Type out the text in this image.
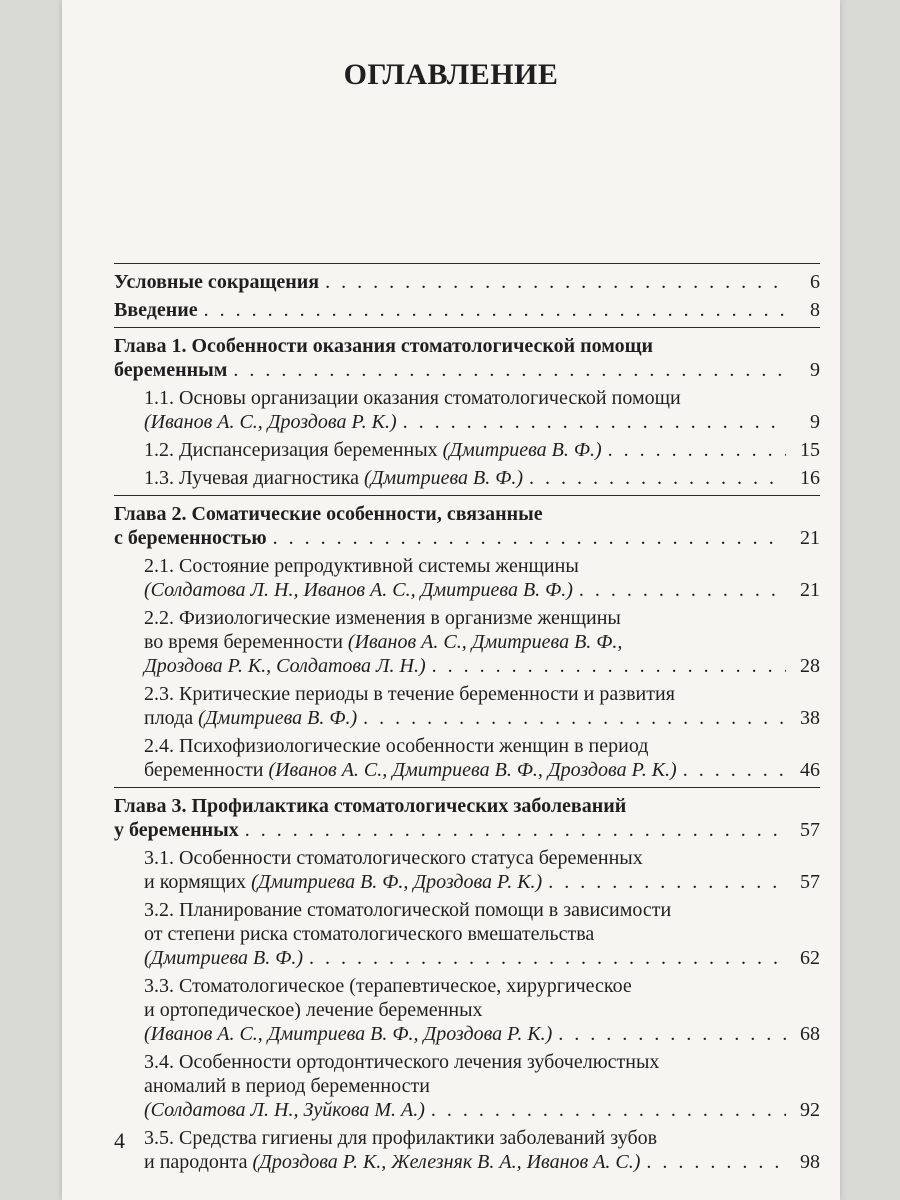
ОГЛАВЛЕНИЕ
Условные сокращения . . .	6
Введение . . .	8
Глава 1. Особенности оказания стоматологической помощи
беременным . . .	9
1.1. Основы организации оказания стоматологической помощи
(Иванов А. С., Дроздова Р. К.) . . .	9
1.2. Диспансеризация беременных (Дмитриева В. Ф.) . . .	15
1.3. Лучевая диагностика (Дмитриева В. Ф.) . . .	16
Глава 2. Соматические особенности, связанные
с беременностью . . .	21
2.1. Состояние репродуктивной системы женщины
(Солдатова Л. Н., Иванов А. С., Дмитриева В. Ф.) . . .	21
2.2. Физиологические изменения в организме женщины
во время беременности (Иванов А. С., Дмитриева В. Ф.,
Дроздова Р. К., Солдатова Л. Н.) . . .	28
2.3. Критические периоды в течение беременности и развития
плода (Дмитриева В. Ф.) . . .	38
2.4. Психофизиологические особенности женщин в период
беременности (Иванов А. С., Дмитриева В. Ф., Дроздова Р. К.) . . .	46
Глава 3. Профилактика стоматологических заболеваний
у беременных . . .	57
3.1. Особенности стоматологического статуса беременных
и кормящих (Дмитриева В. Ф., Дроздова Р. К.) . . .	57
3.2. Планирование стоматологической помощи в зависимости
от степени риска стоматологического вмешательства
(Дмитриева В. Ф.) . . .	62
3.3. Стоматологическое (терапевтическое, хирургическое
и ортопедическое) лечение беременных
(Иванов А. С., Дмитриева В. Ф., Дроздова Р. К.) . . .	68
3.4. Особенности ортодонтического лечения зубочелюстных
аномалий в период беременности
(Солдатова Л. Н., Зуйкова М. А.) . . .	92
3.5. Средства гигиены для профилактики заболеваний зубов
и пародонта (Дроздова Р. К., Железняк В. А., Иванов А. С.) . . .	98
4
